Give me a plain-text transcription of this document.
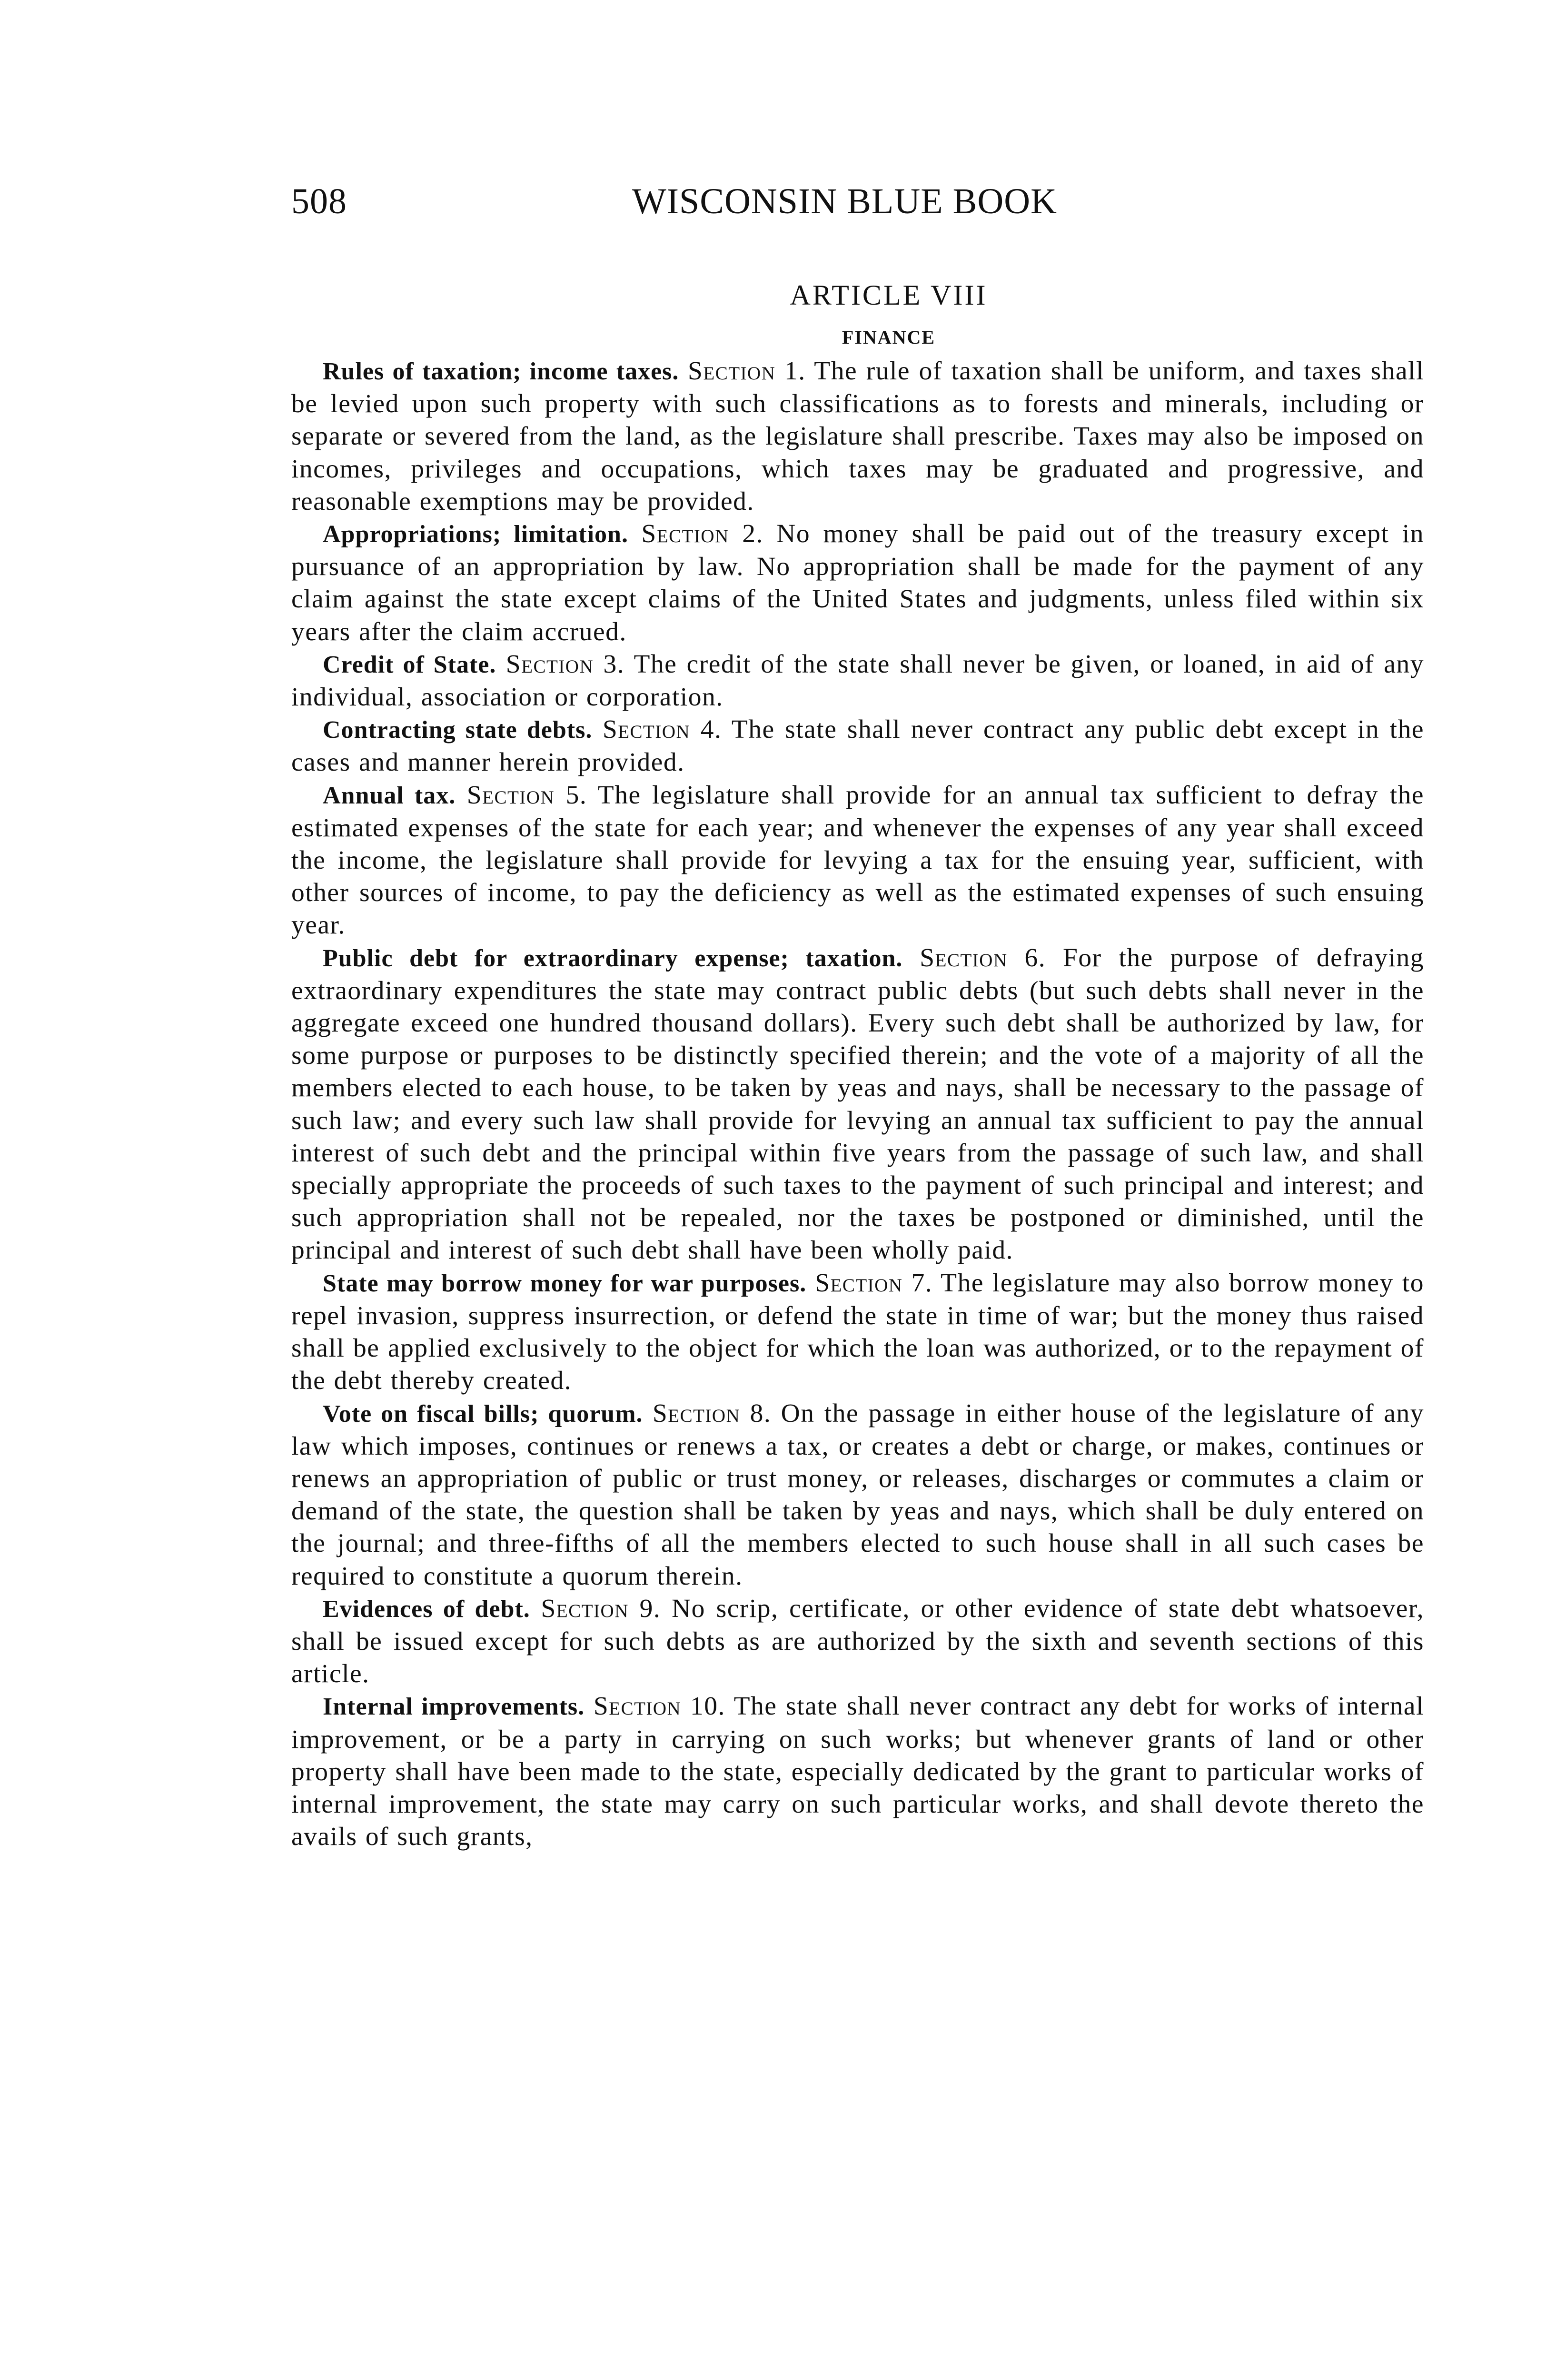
508	WISCONSIN BLUE BOOK
ARTICLE VIII
FINANCE

Rules of taxation; income taxes. Section 1. The rule of taxation shall be uniform, and taxes shall be levied upon such property with such classifications as to forests and minerals, including or separate or severed from the land, as the legislature shall prescribe. Taxes may also be imposed on incomes, privileges and occupations, which taxes may be graduated and progressive, and reasonable exemptions may be provided.

Appropriations; limitation. Section 2. No money shall be paid out of the treasury except in pursuance of an appropriation by law. No appropriation shall be made for the payment of any claim against the state except claims of the United States and judgments, unless filed within six years after the claim accrued.

Credit of State. Section 3. The credit of the state shall never be given, or loaned, in aid of any individual, association or corporation.

Contracting state debts. Section 4. The state shall never contract any public debt except in the cases and manner herein provided.

Annual tax. Section 5. The legislature shall provide for an annual tax sufficient to defray the estimated expenses of the state for each year; and whenever the expenses of any year shall exceed the income, the legislature shall provide for levying a tax for the ensuing year, sufficient, with other sources of income, to pay the deficiency as well as the estimated expenses of such ensuing year.

Public debt for extraordinary expense; taxation. Section 6. For the purpose of defraying extraordinary expenditures the state may contract public debts (but such debts shall never in the aggregate exceed one hundred thousand dollars). Every such debt shall be authorized by law, for some purpose or purposes to be distinctly specified therein; and the vote of a majority of all the members elected to each house, to be taken by yeas and nays, shall be necessary to the passage of such law; and every such law shall provide for levying an annual tax sufficient to pay the annual interest of such debt and the principal within five years from the passage of such law, and shall specially appropriate the proceeds of such taxes to the payment of such principal and interest; and such appropriation shall not be repealed, nor the taxes be postponed or diminished, until the principal and interest of such debt shall have been wholly paid.

State may borrow money for war purposes. Section 7. The legislature may also borrow money to repel invasion, suppress insurrection, or defend the state in time of war; but the money thus raised shall be applied exclusively to the object for which the loan was authorized, or to the repayment of the debt thereby created.

Vote on fiscal bills; quorum. Section 8. On the passage in either house of the legislature of any law which imposes, continues or renews a tax, or creates a debt or charge, or makes, continues or renews an appropriation of public or trust money, or releases, discharges or commutes a claim or demand of the state, the question shall be taken by yeas and nays, which shall be duly entered on the journal; and three-fifths of all the members elected to such house shall in all such cases be required to constitute a quorum therein.

Evidences of debt. Section 9. No scrip, certificate, or other evidence of state debt whatsoever, shall be issued except for such debts as are authorized by the sixth and seventh sections of this article.

Internal improvements. Section 10. The state shall never contract any debt for works of internal improvement, or be a party in carrying on such works; but whenever grants of land or other property shall have been made to the state, especially dedicated by the grant to particular works of internal improvement, the state may carry on such particular works, and shall devote thereto the avails of such grants,
